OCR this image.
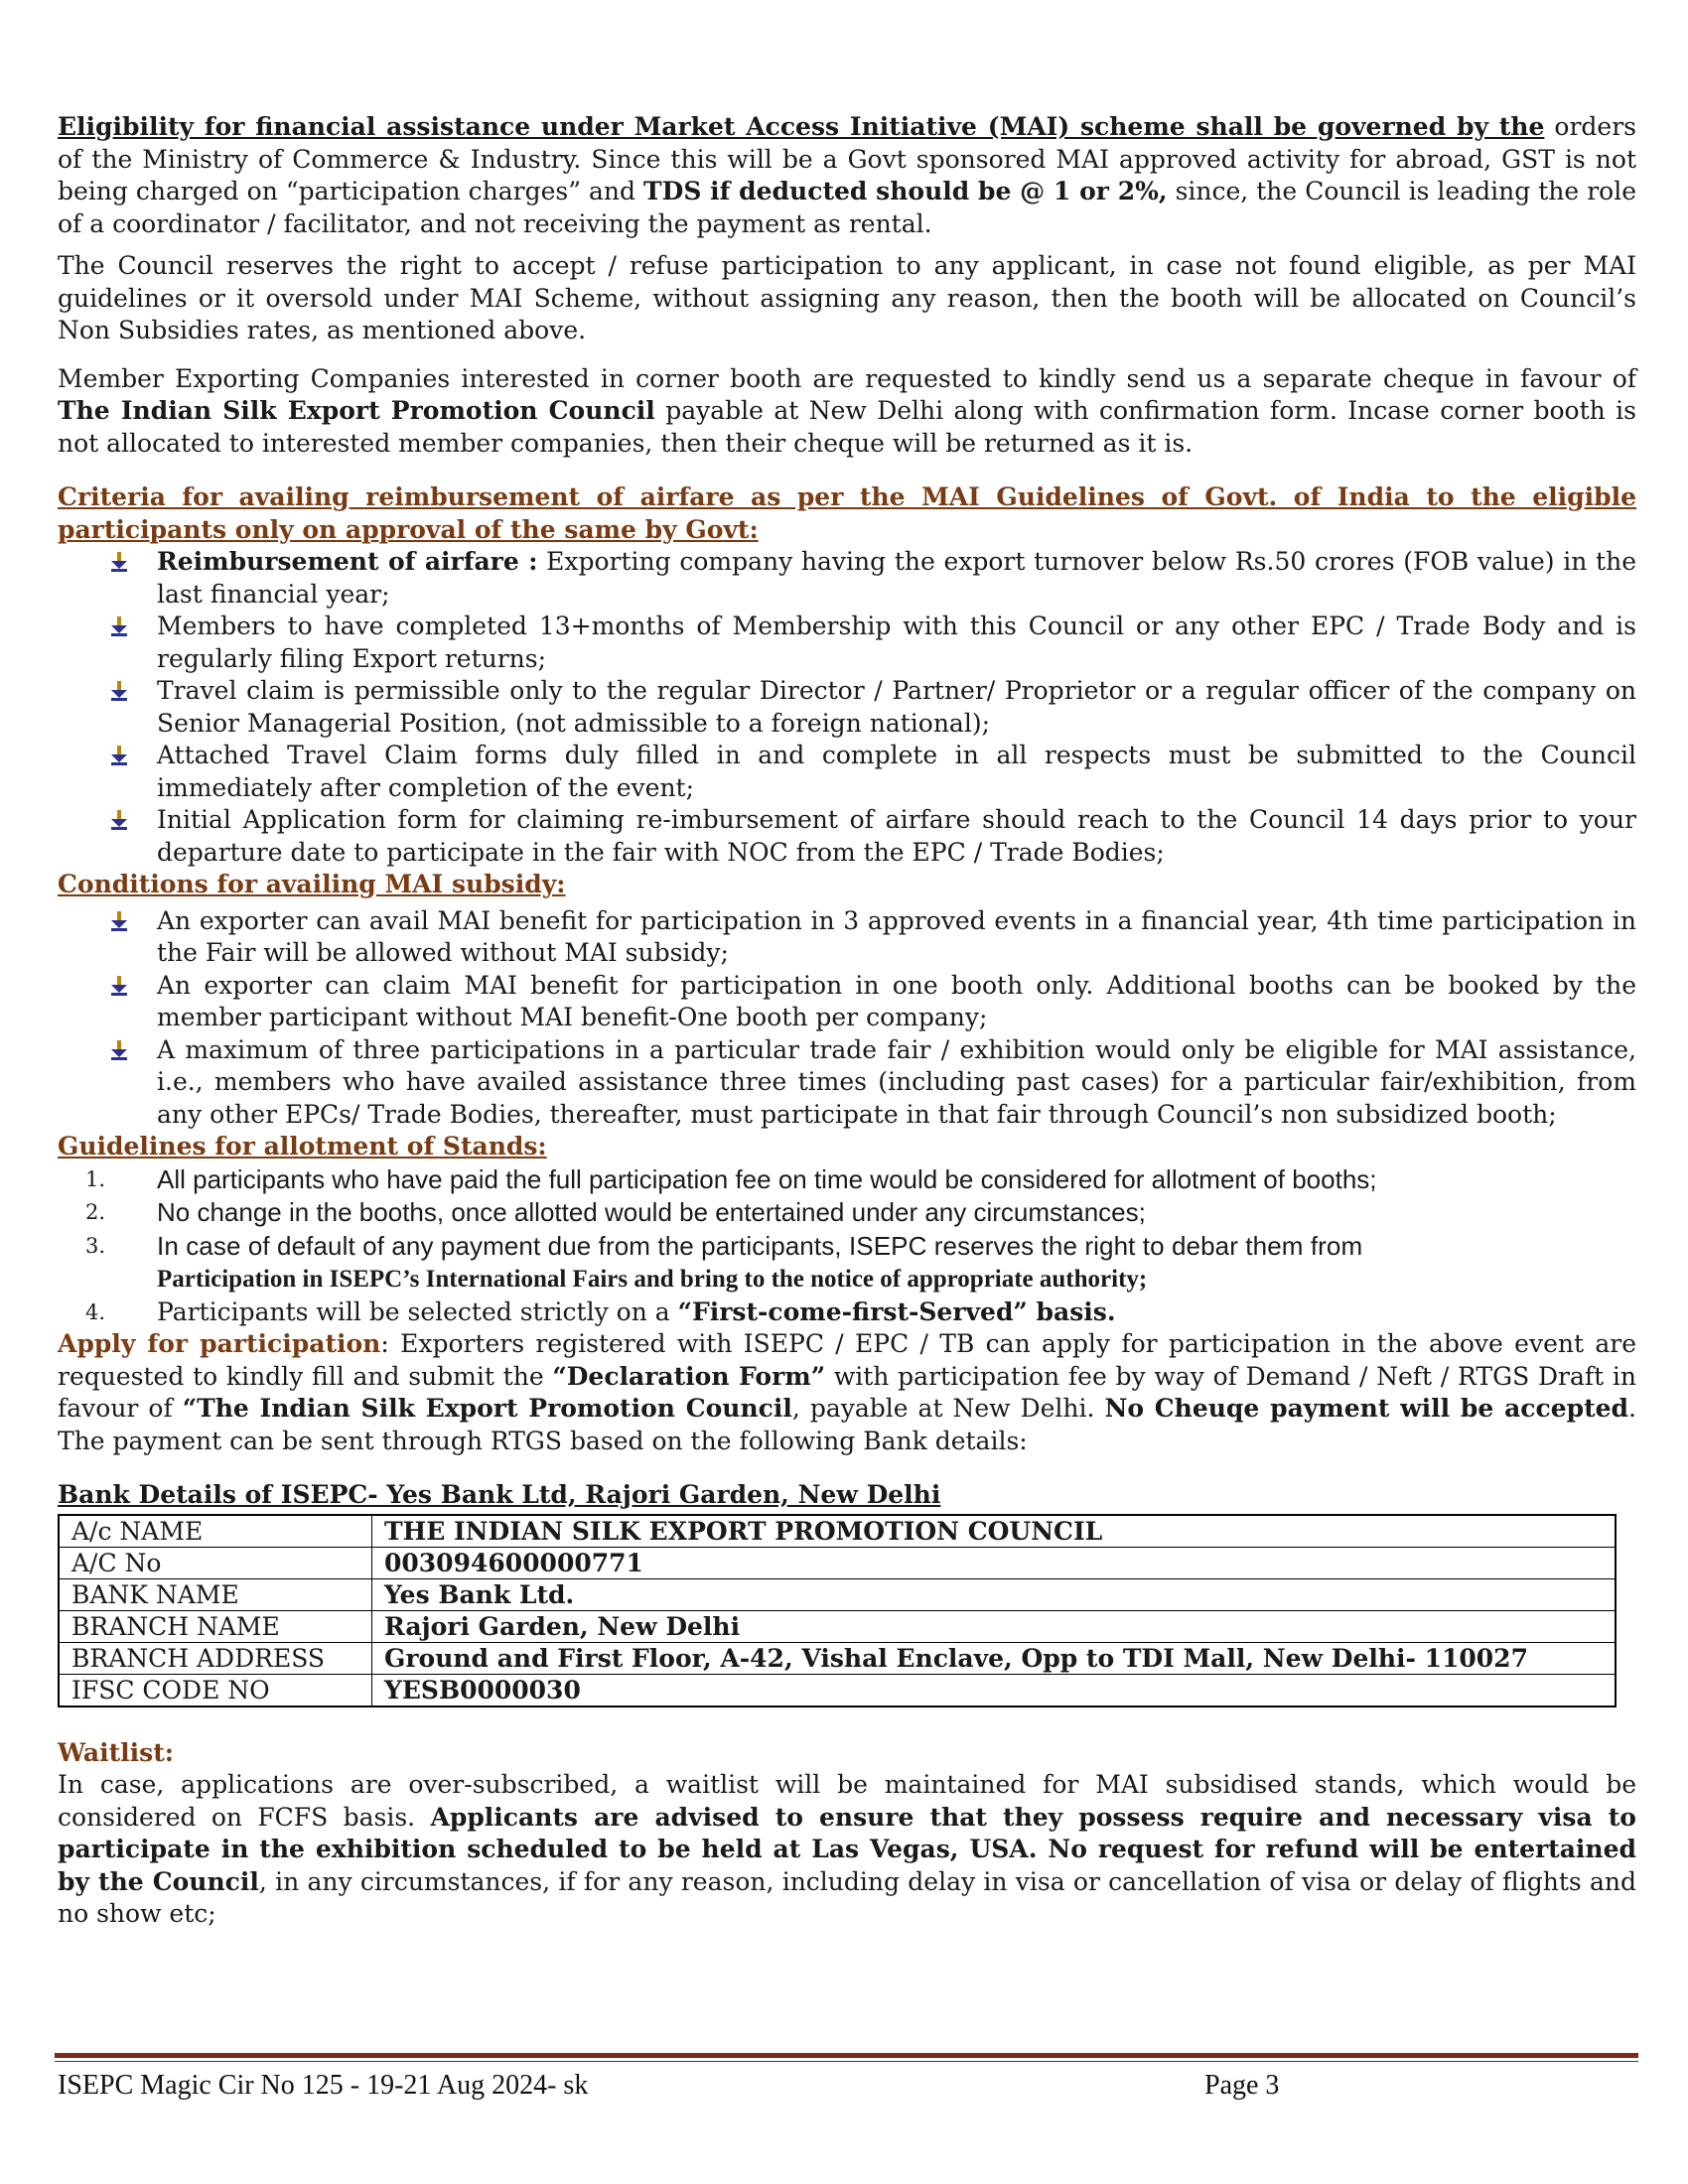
Eligibility for financial assistance under Market Access Initiative (MAI) scheme shall be governed by the orders of the Ministry of Commerce & Industry. Since this will be a Govt sponsored MAI approved activity for abroad, GST is not being charged on “participation charges” and TDS if deducted should be @ 1 or 2%, since, the Council is leading the role of a coordinator / facilitator, and not receiving the payment as rental.

The Council reserves the right to accept / refuse participation to any applicant, in case not found eligible, as per MAI guidelines or it oversold under MAI Scheme, without assigning any reason, then the booth will be allocated on Council’s Non Subsidies rates, as mentioned above.

Member Exporting Companies interested in corner booth are requested to kindly send us a separate cheque in favour of The Indian Silk Export Promotion Council payable at New Delhi along with confirmation form. Incase corner booth is not allocated to interested member companies, then their cheque will be returned as it is.

Criteria for availing reimbursement of airfare as per the MAI Guidelines of Govt. of India to the eligible participants only on approval of the same by Govt:

Reimbursement of airfare : Exporting company having the export turnover below Rs.50 crores (FOB value) in the last financial year;
Members to have completed 13+months of Membership with this Council or any other EPC / Trade Body and is regularly filing Export returns;
Travel claim is permissible only to the regular Director / Partner/ Proprietor or a regular officer of the company on Senior Managerial Position, (not admissible to a foreign national);
Attached Travel Claim forms duly filled in and complete in all respects must be submitted to the Council immediately after completion of the event;
Initial Application form for claiming re-imbursement of airfare should reach to the Council 14 days prior to your departure date to participate in the fair with NOC from the EPC / Trade Bodies;

Conditions for availing MAI subsidy:

An exporter can avail MAI benefit for participation in 3 approved events in a financial year, 4th time participation in the Fair will be allowed without MAI subsidy;
An exporter can claim MAI benefit for participation in one booth only. Additional booths can be booked by the member participant without MAI benefit-One booth per company;
A maximum of three participations in a particular trade fair / exhibition would only be eligible for MAI assistance, i.e., members who have availed assistance three times (including past cases) for a particular fair/exhibition, from any other EPCs/ Trade Bodies, thereafter, must participate in that fair through Council’s non subsidized booth;

Guidelines for allotment of Stands:

1. All participants who have paid the full participation fee on time would be considered for allotment of booths;
2. No change in the booths, once allotted would be entertained under any circumstances;
3. In case of default of any payment due from the participants, ISEPC reserves the right to debar them from
Participation in ISEPC’s International Fairs and bring to the notice of appropriate authority;
4. Participants will be selected strictly on a “First-come-first-Served” basis.

Apply for participation: Exporters registered with ISEPC / EPC / TB can apply for participation in the above event are requested to kindly fill and submit the “Declaration Form” with participation fee by way of Demand / Neft / RTGS Draft in favour of “The Indian Silk Export Promotion Council, payable at New Delhi. No Cheuqe payment will be accepted. The payment can be sent through RTGS based on the following Bank details:

Bank Details of ISEPC- Yes Bank Ltd, Rajori Garden, New Delhi

A/c NAME	THE INDIAN SILK EXPORT PROMOTION COUNCIL
A/C No	003094600000771
BANK NAME	Yes Bank Ltd.
BRANCH NAME	Rajori Garden, New Delhi
BRANCH ADDRESS	Ground and First Floor, A-42, Vishal Enclave, Opp to TDI Mall, New Delhi- 110027
IFSC CODE NO	YESB0000030

Waitlist:

In case, applications are over-subscribed, a waitlist will be maintained for MAI subsidised stands, which would be considered on FCFS basis. Applicants are advised to ensure that they possess require and necessary visa to participate in the exhibition scheduled to be held at Las Vegas, USA. No request for refund will be entertained by the Council, in any circumstances, if for any reason, including delay in visa or cancellation of visa or delay of flights and no show etc;

ISEPC Magic Cir No 125 - 19-21 Aug 2024- sk	Page 3
